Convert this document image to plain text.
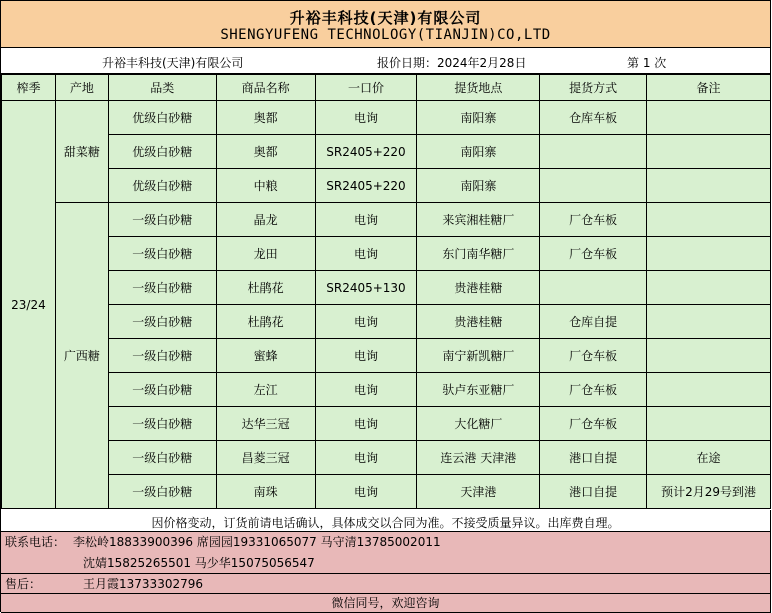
升裕丰科技(天津)有限公司
SHENGYUFENG TECHNOLOGY(TIANJIN)CO,LTD
升裕丰科技(天津)有限公司	报价日期：2024年2月28日	第 1 次
榨季	产地	品类	商品名称	一口价	提货地点	提货方式	备注
23/24	甜菜糖	优级白砂糖	奥都	电询	南阳寨	仓库车板	
		优级白砂糖	奥都	SR2405+220	南阳寨		
		优级白砂糖	中粮	SR2405+220	南阳寨		
	广西糖	一级白砂糖	晶龙	电询	来宾湘桂糖厂	厂仓车板	
		一级白砂糖	龙田	电询	东门南华糖厂	厂仓车板	
		一级白砂糖	杜鹃花	SR2405+130	贵港桂糖		
		一级白砂糖	杜鹃花	电询	贵港桂糖	仓库自提	
		一级白砂糖	蜜蜂	电询	南宁新凯糖厂	厂仓车板	
		一级白砂糖	左江	电询	驮卢东亚糖厂	厂仓车板	
		一级白砂糖	达华三冠	电询	大化糖厂	厂仓车板	
		一级白砂糖	昌菱三冠	电询	连云港 天津港	港口自提	在途
		一级白砂糖	南珠	电询	天津港	港口自提	预计2月29号到港
因价格变动，订货前请电话确认，具体成交以合同为准。不接受质量异议。出库费自理。
联系电话： 李松岭18833900396 席园园19331065077 马守清13785002011
沈婧15825265501 马少华15075056547
售后：	王月霞13733302796
微信同号，欢迎咨询
